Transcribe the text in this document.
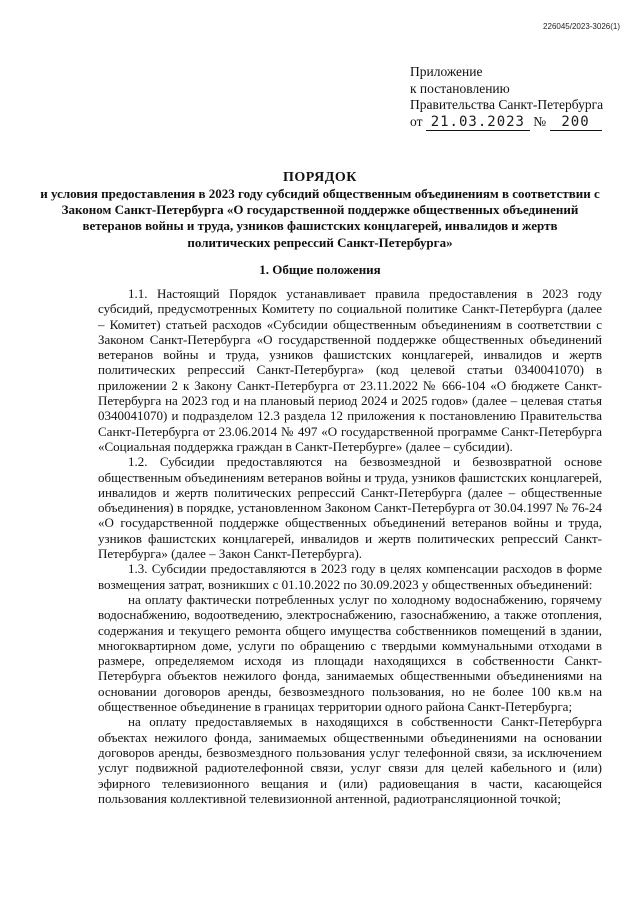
226045/2023-3026(1)
Приложение
к постановлению
Правительства Санкт-Петербурга
от 21.03.2023 № 200
ПОРЯДОК
и условия предоставления в 2023 году субсидий общественным объединениям в соответствии с Законом Санкт-Петербурга «О государственной поддержке общественных объединений ветеранов войны и труда, узников фашистских концлагерей, инвалидов и жертв политических репрессий Санкт-Петербурга»
1. Общие положения

1.1. Настоящий Порядок устанавливает правила предоставления в 2023 году субсидий, предусмотренных Комитету по социальной политике Санкт-Петербурга (далее – Комитет) статьей расходов «Субсидии общественным объединениям в соответствии с Законом Санкт-Петербурга «О государственной поддержке общественных объединений ветеранов войны и труда, узников фашистских концлагерей, инвалидов и жертв политических репрессий Санкт-Петербурга» (код целевой статьи 0340041070) в приложении 2 к Закону Санкт-Петербурга от 23.11.2022 № 666-104 «О бюджете Санкт-Петербурга на 2023 год и на плановый период 2024 и 2025 годов» (далее – целевая статья 0340041070) и подразделом 12.3 раздела 12 приложения к постановлению Правительства Санкт-Петербурга от 23.06.2014 № 497 «О государственной программе Санкт-Петербурга «Социальная поддержка граждан в Санкт-Петербурге» (далее – субсидии).

1.2. Субсидии предоставляются на безвозмездной и безвозвратной основе общественным объединениям ветеранов войны и труда, узников фашистских концлагерей, инвалидов и жертв политических репрессий Санкт-Петербурга (далее – общественные объединения) в порядке, установленном Законом Санкт-Петербурга от 30.04.1997 № 76-24 «О государственной поддержке общественных объединений ветеранов войны и труда, узников фашистских концлагерей, инвалидов и жертв политических репрессий Санкт-Петербурга» (далее – Закон Санкт-Петербурга).

1.3. Субсидии предоставляются в 2023 году в целях компенсации расходов в форме возмещения затрат, возникших с 01.10.2022 по 30.09.2023 у общественных объединений:

на оплату фактически потребленных услуг по холодному водоснабжению, горячему водоснабжению, водоотведению, электроснабжению, газоснабжению, а также отопления, содержания и текущего ремонта общего имущества собственников помещений в здании, многоквартирном доме, услуги по обращению с твердыми коммунальными отходами в размере, определяемом исходя из площади находящихся в собственности Санкт-Петербурга объектов нежилого фонда, занимаемых общественными объединениями на основании договоров аренды, безвозмездного пользования, но не более 100 кв.м на общественное объединение в границах территории одного района Санкт-Петербурга;

на оплату предоставляемых в находящихся в собственности Санкт-Петербурга объектах нежилого фонда, занимаемых общественными объединениями на основании договоров аренды, безвозмездного пользования услуг телефонной связи, за исключением услуг подвижной радиотелефонной связи, услуг связи для целей кабельного и (или) эфирного телевизионного вещания и (или) радиовещания в части, касающейся пользования коллективной телевизионной антенной, радиотрансляционной точкой;
